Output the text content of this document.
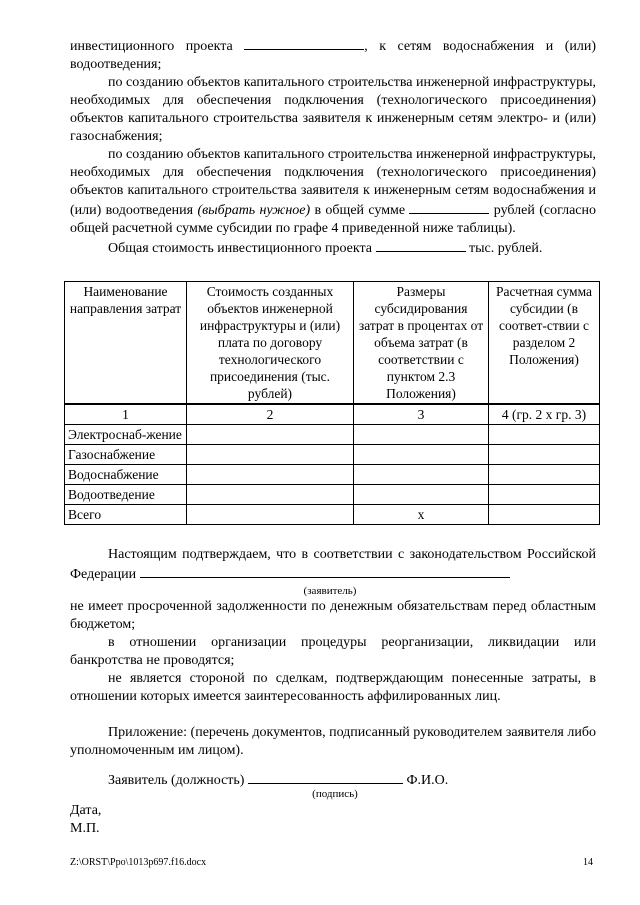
инвестиционного проекта	, к сетям водоснабжения и (или) водоотведения;

по созданию объектов капитального строительства инженерной инфраструктуры, необходимых для обеспечения подключения (технологического присоединения) объектов капитального строительства заявителя к инженерным сетям электро- и (или) газоснабжения;

по созданию объектов капитального строительства инженерной инфраструктуры, необходимых для обеспечения подключения (технологического присоединения) объектов капитального строительства заявителя к инженерным сетям водоснабжения и (или) водоотведения (выбрать нужное) в общей сумме	рублей (согласно общей расчетной сумме субсидии по графе 4 приведенной ниже таблицы).

Общая стоимость инвестиционного проекта	тыс. рублей.

Наименование направления затрат	Стоимость созданных объектов инженерной инфраструктуры и (или) плата по договору технологического присоединения (тыс. рублей)	Размеры субсидирования затрат в процентах от объема затрат (в соответствии с пунктом 2.3 Положения)	Расчетная сумма субсидии (в соответ-ствии с разделом 2 Положения)
1	2	3	4 (гр. 2 х гр. 3)
Электроснаб-жение			
Газоснабжение			
Водоснабжение			
Водоотведение			
Всего		х	

Настоящим подтверждаем, что в соответствии с законодательством Российской Федерации

(заявитель)

не имеет просроченной задолженности по денежным обязательствам перед областным бюджетом;

в отношении организации процедуры реорганизации, ликвидации или банкротства не проводятся;

не является стороной по сделкам, подтверждающим понесенные затраты, в отношении которых имеется заинтересованность аффилированных лиц.

Приложение: (перечень документов, подписанный руководителем заявителя либо уполномоченным им лицом).

Заявитель (должность)	Ф.И.О.
(подпись)
Дата,
М.П.
Z:\ORST\Ppo\1013p697.f16.docx	14
